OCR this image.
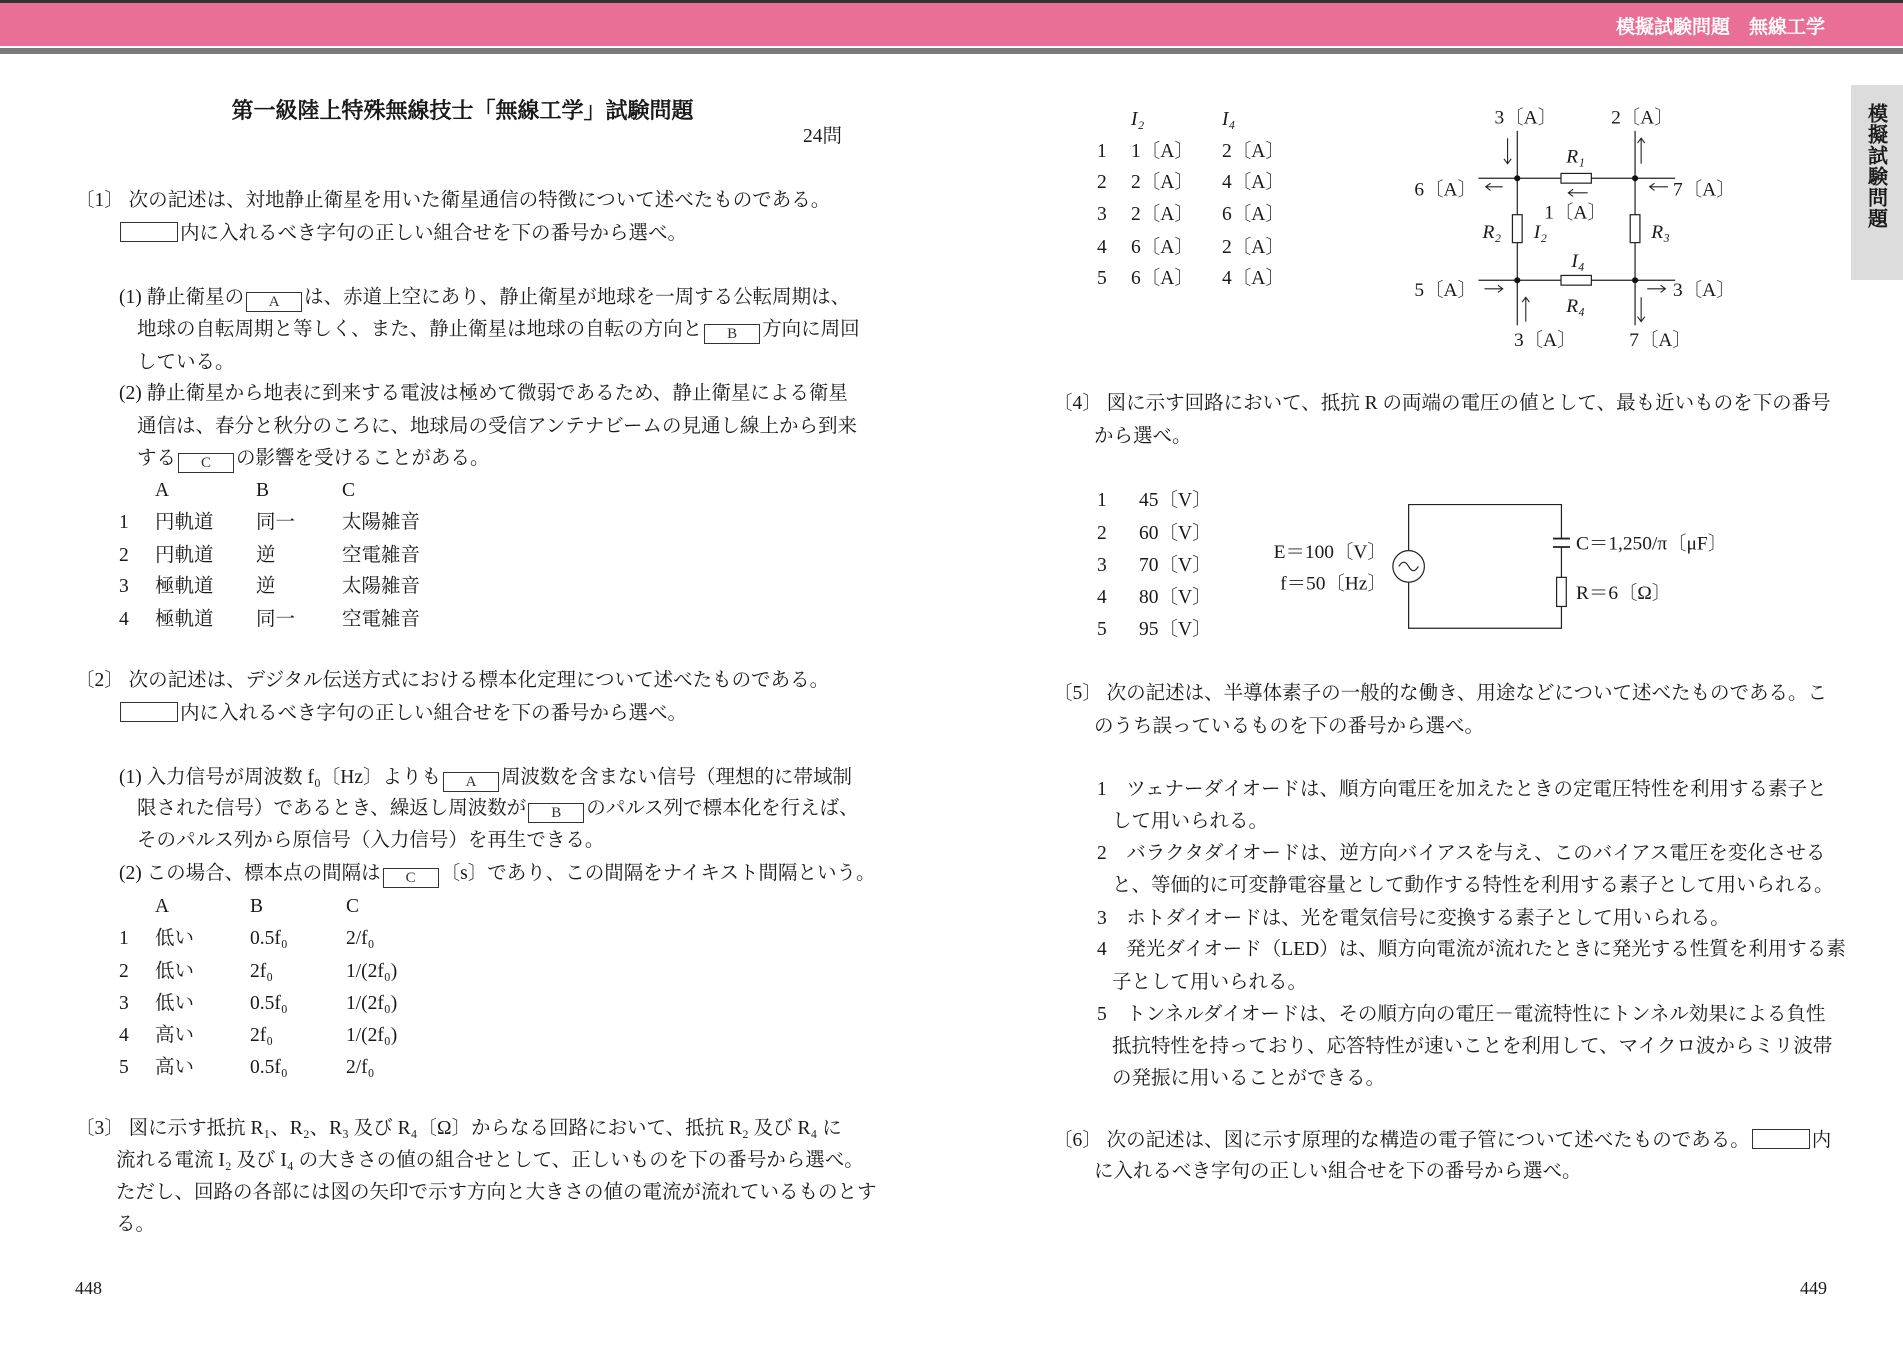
模擬試験問題　無線工学
模擬試験問題
第一級陸上特殊無線技士「無線工学」試験問題
24問
〔1〕 次の記述は、対地静止衛星を用いた衛星通信の特徴について述べたものである。
内に入れるべき字句の正しい組合せを下の番号から選べ。
(1) 静止衛星の A は、赤道上空にあり、静止衛星が地球を一周する公転周期は、
地球の自転周期と等しく、また、静止衛星は地球の自転の方向と B 方向に周回
している。
(2) 静止衛星から地表に到来する電波は極めて微弱であるため、静止衛星による衛星
通信は、春分と秋分のころに、地球局の受信アンテナビームの見通し線上から到来
する C の影響を受けることがある。
A	B	C
1 円軌道 同一 太陽雑音
2 円軌道 逆	空電雑音
3 極軌道 逆	太陽雑音
4 極軌道 同一 空電雑音
〔2〕 次の記述は、デジタル伝送方式における標本化定理について述べたものである。
内に入れるべき字句の正しい組合せを下の番号から選べ。
(1) 入力信号が周波数 f₀〔Hz〕よりも A 周波数を含まない信号（理想的に帯域制
限された信号）であるとき、繰返し周波数が B のパルス列で標本化を行えば、
そのパルス列から原信号（入力信号）を再生できる。
(2) この場合、標本点の間隔は C 〔s〕であり、この間隔をナイキスト間隔という。
A	B	C
1 低い	0.5f₀	2/f₀
2 低い	2f₀	1/(2f₀)
3 低い	0.5f₀	1/(2f₀)
4 高い	2f₀	1/(2f₀)
5 高い	0.5f₀	2/f₀
〔3〕 図に示す抵抗 R₁、R₂、R₃ 及び R₄〔Ω〕からなる回路において、抵抗 R₂ 及び R₄ に
流れる電流 I₂ 及び I₄ の大きさの値の組合せとして、正しいものを下の番号から選べ。
ただし、回路の各部には図の矢印で示す方向と大きさの値の電流が流れているものとす
る。
448
I₂	I₄
1 1〔A〕 2〔A〕
2 2〔A〕 4〔A〕
3 2〔A〕 6〔A〕
4 6〔A〕 2〔A〕
5 6〔A〕 4〔A〕
3〔A〕	2〔A〕
R₁
6〔A〕	7〔A〕
1〔A〕
R₂ I₂	R₃
I₄
5〔A〕	3〔A〕
R₄
3〔A〕	7〔A〕
〔4〕 図に示す回路において、抵抗 R の両端の電圧の値として、最も近いものを下の番号
から選べ。
1 45〔V〕
2 60〔V〕
3 70〔V〕
4 80〔V〕
5 95〔V〕
E＝100〔V〕
f＝50〔Hz〕
C＝1,250/π〔μF〕
R＝6〔Ω〕
〔5〕 次の記述は、半導体素子の一般的な働き、用途などについて述べたものである。こ
のうち誤っているものを下の番号から選べ。
1　 ツェナーダイオードは、順方向電圧を加えたときの定電圧特性を利用する素子と
して用いられる。
2　 バラクタダイオードは、逆方向バイアスを与え、このバイアス電圧を変化させる
と、等価的に可変静電容量として動作する特性を利用する素子として用いられる。
3　 ホトダイオードは、光を電気信号に変換する素子として用いられる。
4　 発光ダイオード（LED）は、順方向電流が流れたときに発光する性質を利用する素
子として用いられる。
5　 トンネルダイオードは、その順方向の電圧－電流特性にトンネル効果による負性
抵抗特性を持っており、応答特性が速いことを利用して、マイクロ波からミリ波帯
の発振に用いることができる。
〔6〕 次の記述は、図に示す原理的な構造の電子管について述べたものである。	内
に入れるべき字句の正しい組合せを下の番号から選べ。
449
